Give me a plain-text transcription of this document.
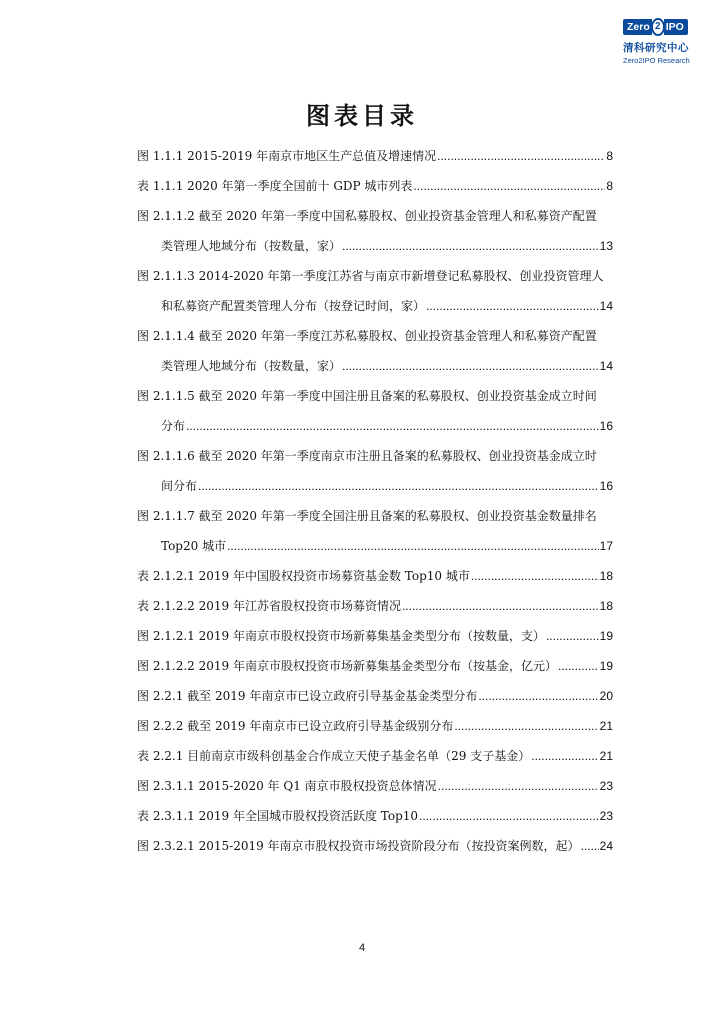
Zero 2 IPO
清科研究中心
Zero2IPO Research
图表目录
图 1.1.1 2015-2019 年南京市地区生产总值及增速情况 .....	8
表 1.1.1 2020 年第一季度全国前十 GDP 城市列表 .....	8
图 2.1.1.2 截至 2020 年第一季度中国私募股权、创业投资基金管理人和私募资产配置
类管理人地域分布（按数量，家） .....	13
图 2.1.1.3 2014-2020 年第一季度江苏省与南京市新增登记私募股权、创业投资管理人
和私募资产配置类管理人分布（按登记时间，家） .....	14
图 2.1.1.4 截至 2020 年第一季度江苏私募股权、创业投资基金管理人和私募资产配置
类管理人地域分布（按数量，家） .....	14
图 2.1.1.5 截至 2020 年第一季度中国注册且备案的私募股权、创业投资基金成立时间
分布 .....	16
图 2.1.1.6 截至 2020 年第一季度南京市注册且备案的私募股权、创业投资基金成立时
间分布 .....	16
图 2.1.1.7 截至 2020 年第一季度全国注册且备案的私募股权、创业投资基金数量排名
Top20 城市 .....	17
表 2.1.2.1 2019 年中国股权投资市场募资基金数 Top10 城市 .....	18
表 2.1.2.2 2019 年江苏省股权投资市场募资情况 .....	18
图 2.1.2.1 2019 年南京市股权投资市场新募集基金类型分布（按数量，支） .....	19
图 2.1.2.2 2019 年南京市股权投资市场新募集基金类型分布（按基金，亿元） .....	19
图 2.2.1 截至 2019 年南京市已设立政府引导基金基金类型分布 .....	20
图 2.2.2 截至 2019 年南京市已设立政府引导基金级别分布 .....	21
表 2.2.1 目前南京市级科创基金合作成立天使子基金名单（29 支子基金） .....	21
图 2.3.1.1 2015-2020 年 Q1 南京市股权投资总体情况 .....	23
表 2.3.1.1 2019 年全国城市股权投资活跃度 Top10 .....	23
图 2.3.2.1 2015-2019 年南京市股权投资市场投资阶段分布（按投资案例数，起） ..... 24
4
